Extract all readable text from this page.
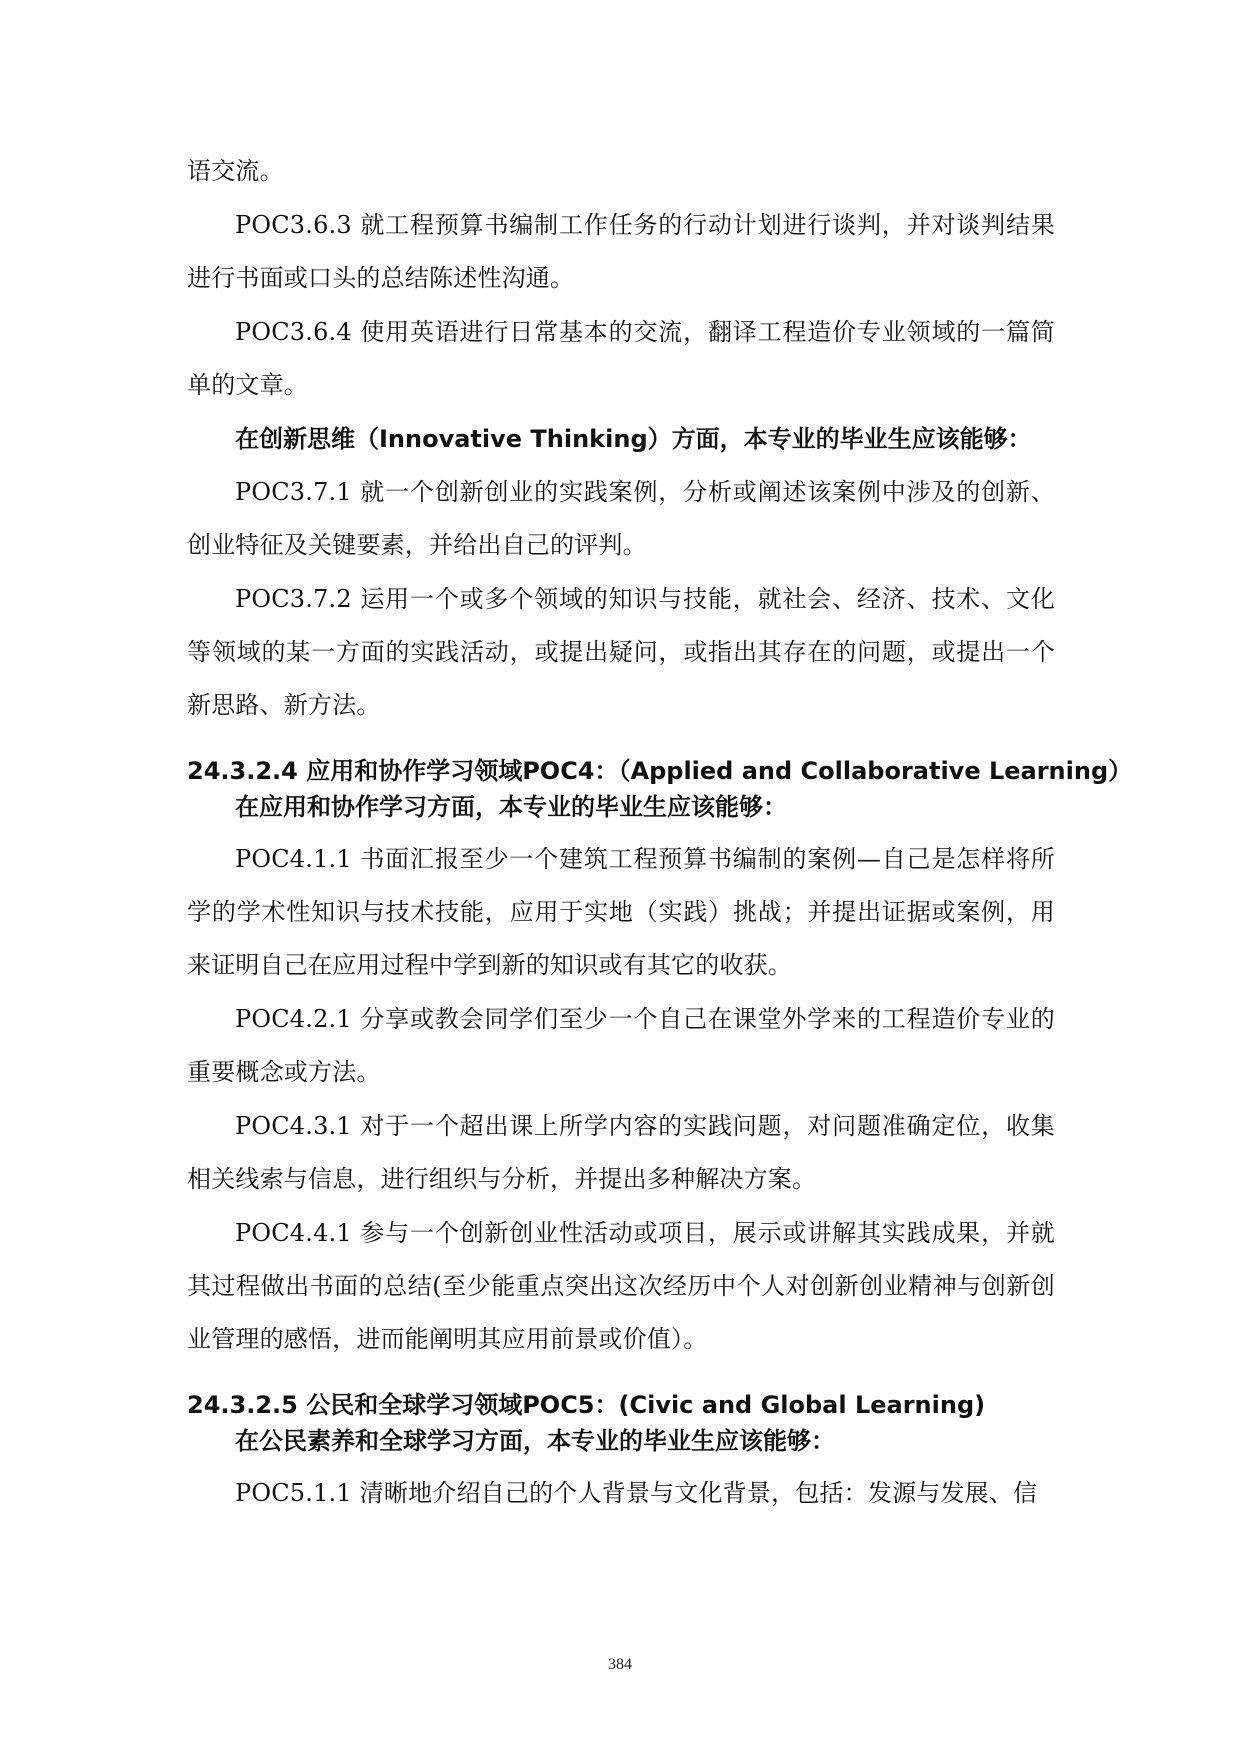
语交流。

POC3.6.3 就工程预算书编制工作任务的行动计划进行谈判，并对谈判结果进行书面或口头的总结陈述性沟通。

POC3.6.4 使用英语进行日常基本的交流，翻译工程造价专业领域的一篇简单的文章。

在创新思维（Innovative Thinking）方面，本专业的毕业生应该能够：

POC3.7.1 就一个创新创业的实践案例，分析或阐述该案例中涉及的创新、创业特征及关键要素，并给出自己的评判。

POC3.7.2 运用一个或多个领域的知识与技能，就社会、经济、技术、文化等领域的某一方面的实践活动，或提出疑问，或指出其存在的问题，或提出一个新思路、新方法。

24.3.2.4 应用和协作学习领域POC4：（Applied and Collaborative Learning）

在应用和协作学习方面，本专业的毕业生应该能够：

POC4.1.1 书面汇报至少一个建筑工程预算书编制的案例—自己是怎样将所学的学术性知识与技术技能，应用于实地（实践）挑战；并提出证据或案例，用来证明自己在应用过程中学到新的知识或有其它的收获。

POC4.2.1 分享或教会同学们至少一个自己在课堂外学来的工程造价专业的重要概念或方法。

POC4.3.1 对于一个超出课上所学内容的实践问题，对问题准确定位，收集相关线索与信息，进行组织与分析，并提出多种解决方案。

POC4.4.1 参与一个创新创业性活动或项目，展示或讲解其实践成果，并就其过程做出书面的总结(至少能重点突出这次经历中个人对创新创业精神与创新创业管理的感悟，进而能阐明其应用前景或价值）。

24.3.2.5 公民和全球学习领域POC5：(Civic and Global Learning)

在公民素养和全球学习方面，本专业的毕业生应该能够：

POC5.1.1 清晰地介绍自己的个人背景与文化背景，包括：发源与发展、信

384
